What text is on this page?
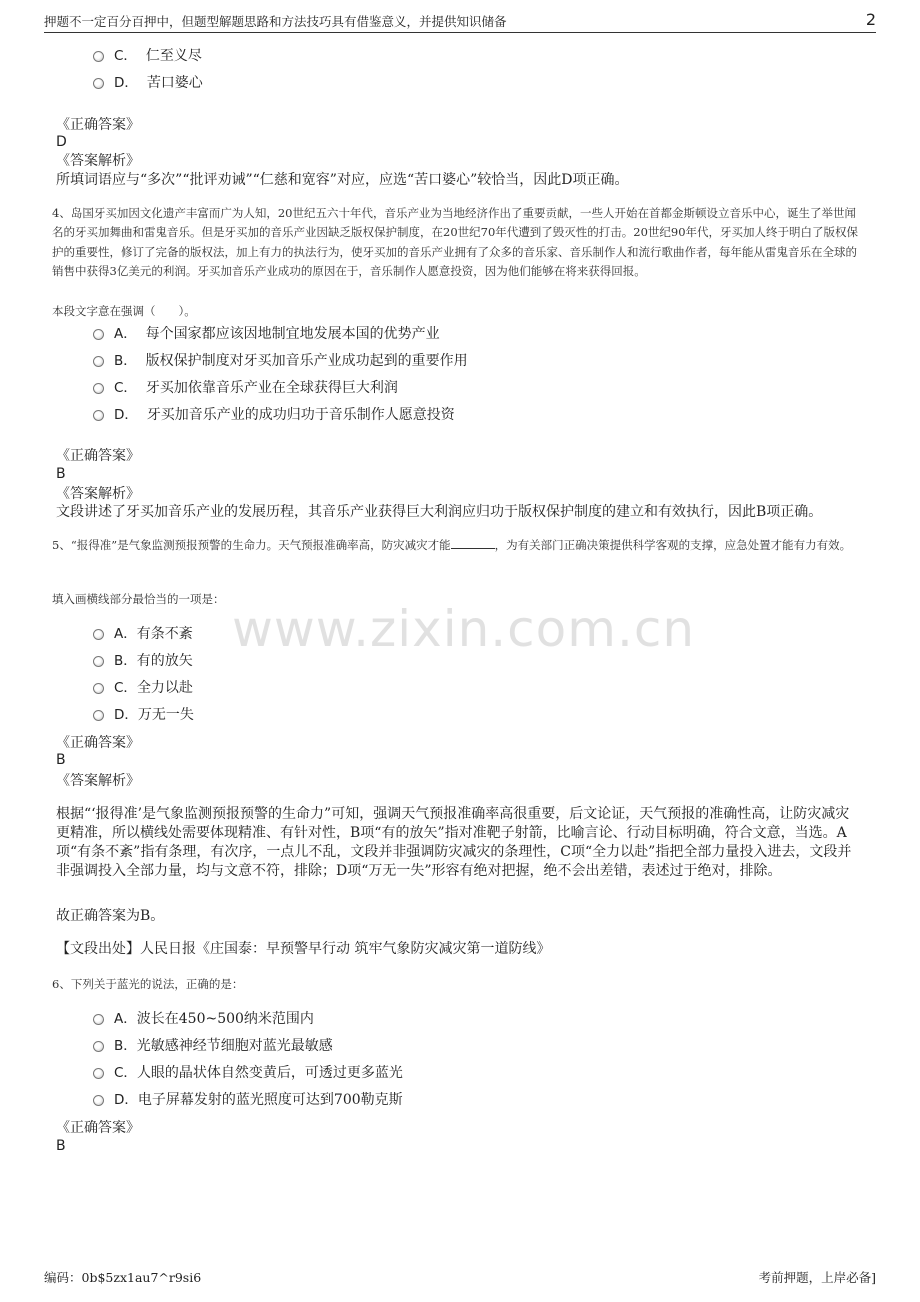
押题不一定百分百押中，但题型解题思路和方法技巧具有借鉴意义，并提供知识储备	2
C． 仁至义尽
D． 苦口婆心
《正确答案》
D
《答案解析》
所填词语应与“多次”“批评劝诫”“仁慈和宽容”对应，应选“苦口婆心”较恰当，因此D项正确。
4、岛国牙买加因文化遗产丰富而广为人知，20世纪五六十年代，音乐产业为当地经济作出了重要贡献，一些人开始在首都金斯顿设立音乐中心，诞生了举世闻名的牙买加舞曲和雷鬼音乐。但是牙买加的音乐产业因缺乏版权保护制度，在20世纪70年代遭到了毁灭性的打击。20世纪90年代，牙买加人终于明白了版权保护的重要性，修订了完备的版权法，加上有力的执法行为，使牙买加的音乐产业拥有了众多的音乐家、音乐制作人和流行歌曲作者，每年能从雷鬼音乐在全球的销售中获得3亿美元的利润。牙买加音乐产业成功的原因在于，音乐制作人愿意投资，因为他们能够在将来获得回报。
本段文字意在强调（　　）。
A． 每个国家都应该因地制宜地发展本国的优势产业
B． 版权保护制度对牙买加音乐产业成功起到的重要作用
C． 牙买加依靠音乐产业在全球获得巨大利润
D． 牙买加音乐产业的成功归功于音乐制作人愿意投资
《正确答案》
B
《答案解析》
文段讲述了牙买加音乐产业的发展历程，其音乐产业获得巨大利润应归功于版权保护制度的建立和有效执行，因此B项正确。
5、“报得准”是气象监测预报预警的生命力。天气预报准确率高，防灾减灾才能	，为有关部门正确决策提供科学客观的支撑，应急处置才能有力有效。
填入画横线部分最恰当的一项是：
www.zixin.com.cn
A．有条不紊
B．有的放矢
C．全力以赴
D．万无一失
《正确答案》
B
《答案解析》
根据“‘报得准’是气象监测预报预警的生命力”可知，强调天气预报准确率高很重要，后文论证，天气预报的准确性高，让防灾减灾更精准，所以横线处需要体现精准、有针对性，B项“有的放矢”指对准靶子射箭，比喻言论、行动目标明确，符合文意，当选。A项“有条不紊”指有条理，有次序，一点儿不乱，文段并非强调防灾减灾的条理性，C项“全力以赴”指把全部力量投入进去，文段并非强调投入全部力量，均与文意不符，排除；D项“万无一失”形容有绝对把握，绝不会出差错，表述过于绝对，排除。
故正确答案为B。
【文段出处】人民日报《庄国泰：早预警早行动 筑牢气象防灾减灾第一道防线》
6、下列关于蓝光的说法，正确的是：
A．波长在450~500纳米范围内
B．光敏感神经节细胞对蓝光最敏感
C．人眼的晶状体自然变黄后，可透过更多蓝光
D．电子屏幕发射的蓝光照度可达到700勒克斯
《正确答案》
B
编码：0b$5zx1au7^r9si6	考前押题，上岸必备]
